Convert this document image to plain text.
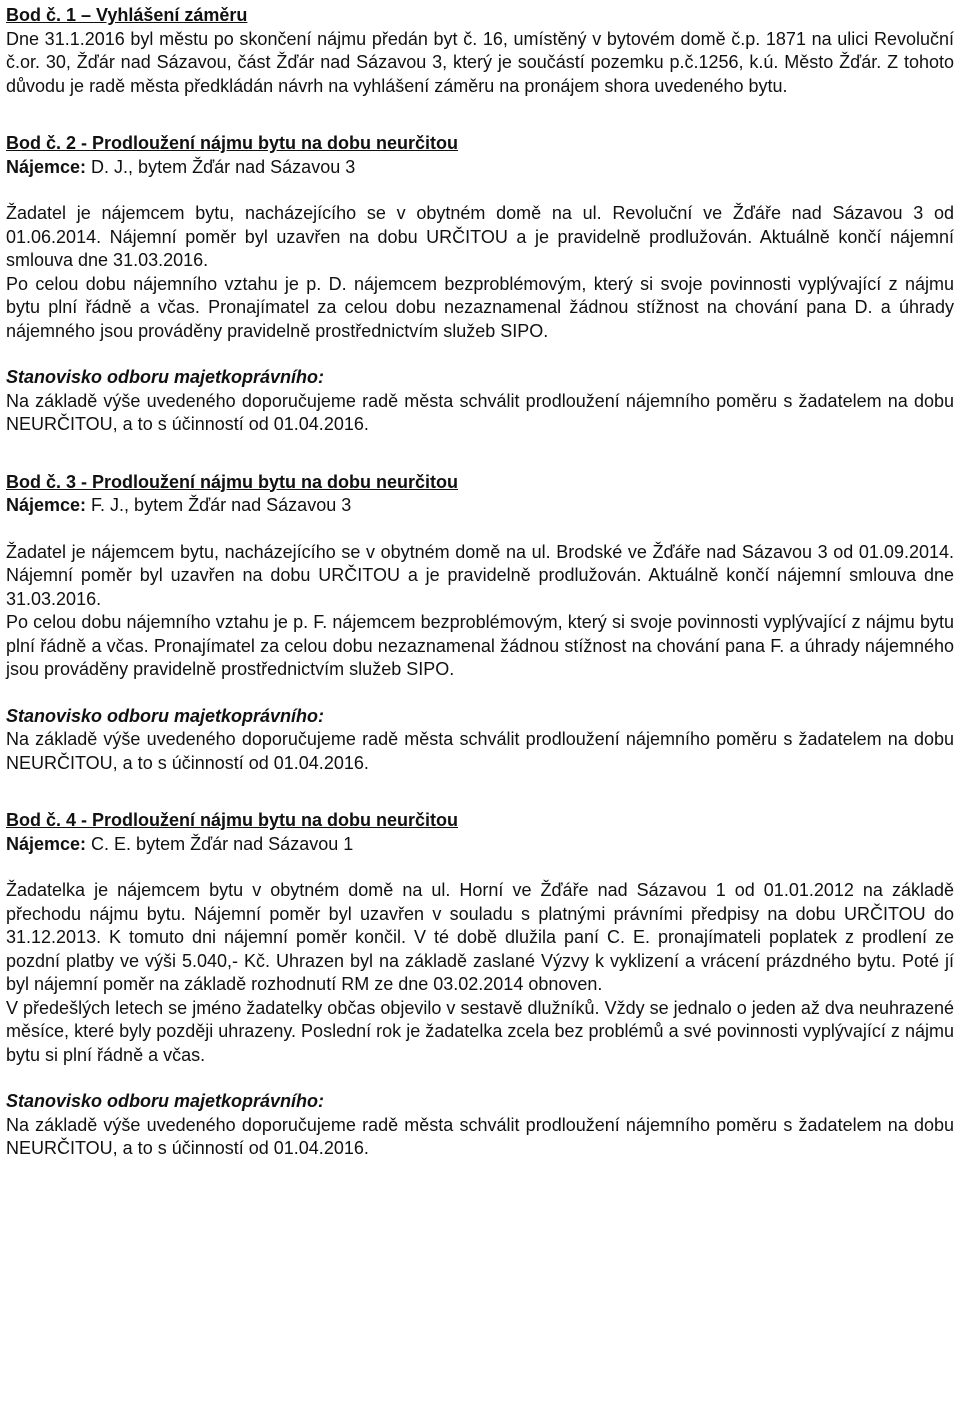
Bod č. 1 – Vyhlášení záměru

Dne 31.1.2016 byl městu po skončení nájmu předán byt č. 16, umístěný v bytovém domě č.p. 1871 na ulici Revoluční č.or. 30, Žďár nad Sázavou, část Žďár nad Sázavou 3, který je součástí pozemku p.č.1256, k.ú. Město Žďár. Z tohoto důvodu je radě města předkládán návrh na vyhlášení záměru na pronájem shora uvedeného bytu.

Bod č. 2 - Prodloužení nájmu bytu na dobu neurčitou
Nájemce: D. J., bytem Žďár nad Sázavou 3

Žadatel je nájemcem bytu, nacházejícího se v obytném domě na ul. Revoluční ve Žďáře nad Sázavou 3 od 01.06.2014. Nájemní poměr byl uzavřen na dobu URČITOU a je pravidelně prodlužován. Aktuálně končí nájemní smlouva dne 31.03.2016.

Po celou dobu nájemního vztahu je p. D. nájemcem bezproblémovým, který si svoje povinnosti vyplývající z nájmu bytu plní řádně a včas. Pronajímatel za celou dobu nezaznamenal žádnou stížnost na chování pana D. a úhrady nájemného jsou prováděny pravidelně prostřednictvím služeb SIPO.

Stanovisko odboru majetkoprávního:

Na základě výše uvedeného doporučujeme radě města schválit prodloužení nájemního poměru s žadatelem na dobu NEURČITOU, a to s účinností od 01.04.2016.

Bod č. 3 - Prodloužení nájmu bytu na dobu neurčitou
Nájemce: F. J., bytem Žďár nad Sázavou 3

Žadatel je nájemcem bytu, nacházejícího se v obytném domě na ul. Brodské ve Žďáře nad Sázavou 3 od 01.09.2014. Nájemní poměr byl uzavřen na dobu URČITOU a je pravidelně prodlužován. Aktuálně končí nájemní smlouva dne 31.03.2016.

Po celou dobu nájemního vztahu je p. F. nájemcem bezproblémovým, který si svoje povinnosti vyplývající z nájmu bytu plní řádně a včas. Pronajímatel za celou dobu nezaznamenal žádnou stížnost na chování pana F. a úhrady nájemného jsou prováděny pravidelně prostřednictvím služeb SIPO.

Stanovisko odboru majetkoprávního:

Na základě výše uvedeného doporučujeme radě města schválit prodloužení nájemního poměru s žadatelem na dobu NEURČITOU, a to s účinností od 01.04.2016.

Bod č. 4 - Prodloužení nájmu bytu na dobu neurčitou
Nájemce: C. E. bytem Žďár nad Sázavou 1

Žadatelka je nájemcem bytu v obytném domě na ul. Horní ve Žďáře nad Sázavou 1 od 01.01.2012 na základě přechodu nájmu bytu. Nájemní poměr byl uzavřen v souladu s platnými právními předpisy na dobu URČITOU do 31.12.2013. K tomuto dni nájemní poměr končil. V té době dlužila paní C. E. pronajímateli poplatek z prodlení ze pozdní platby ve výši 5.040,- Kč. Uhrazen byl na základě zaslané Výzvy k vyklizení a vrácení prázdného bytu. Poté jí byl nájemní poměr na základě rozhodnutí RM ze dne 03.02.2014 obnoven.

V předešlých letech se jméno žadatelky občas objevilo v sestavě dlužníků. Vždy se jednalo o jeden až dva neuhrazené měsíce, které byly později uhrazeny. Poslední rok je žadatelka zcela bez problémů a své povinnosti vyplývající z nájmu bytu si plní řádně a včas.

Stanovisko odboru majetkoprávního:

Na základě výše uvedeného doporučujeme radě města schválit prodloužení nájemního poměru s žadatelem na dobu NEURČITOU, a to s účinností od 01.04.2016.
